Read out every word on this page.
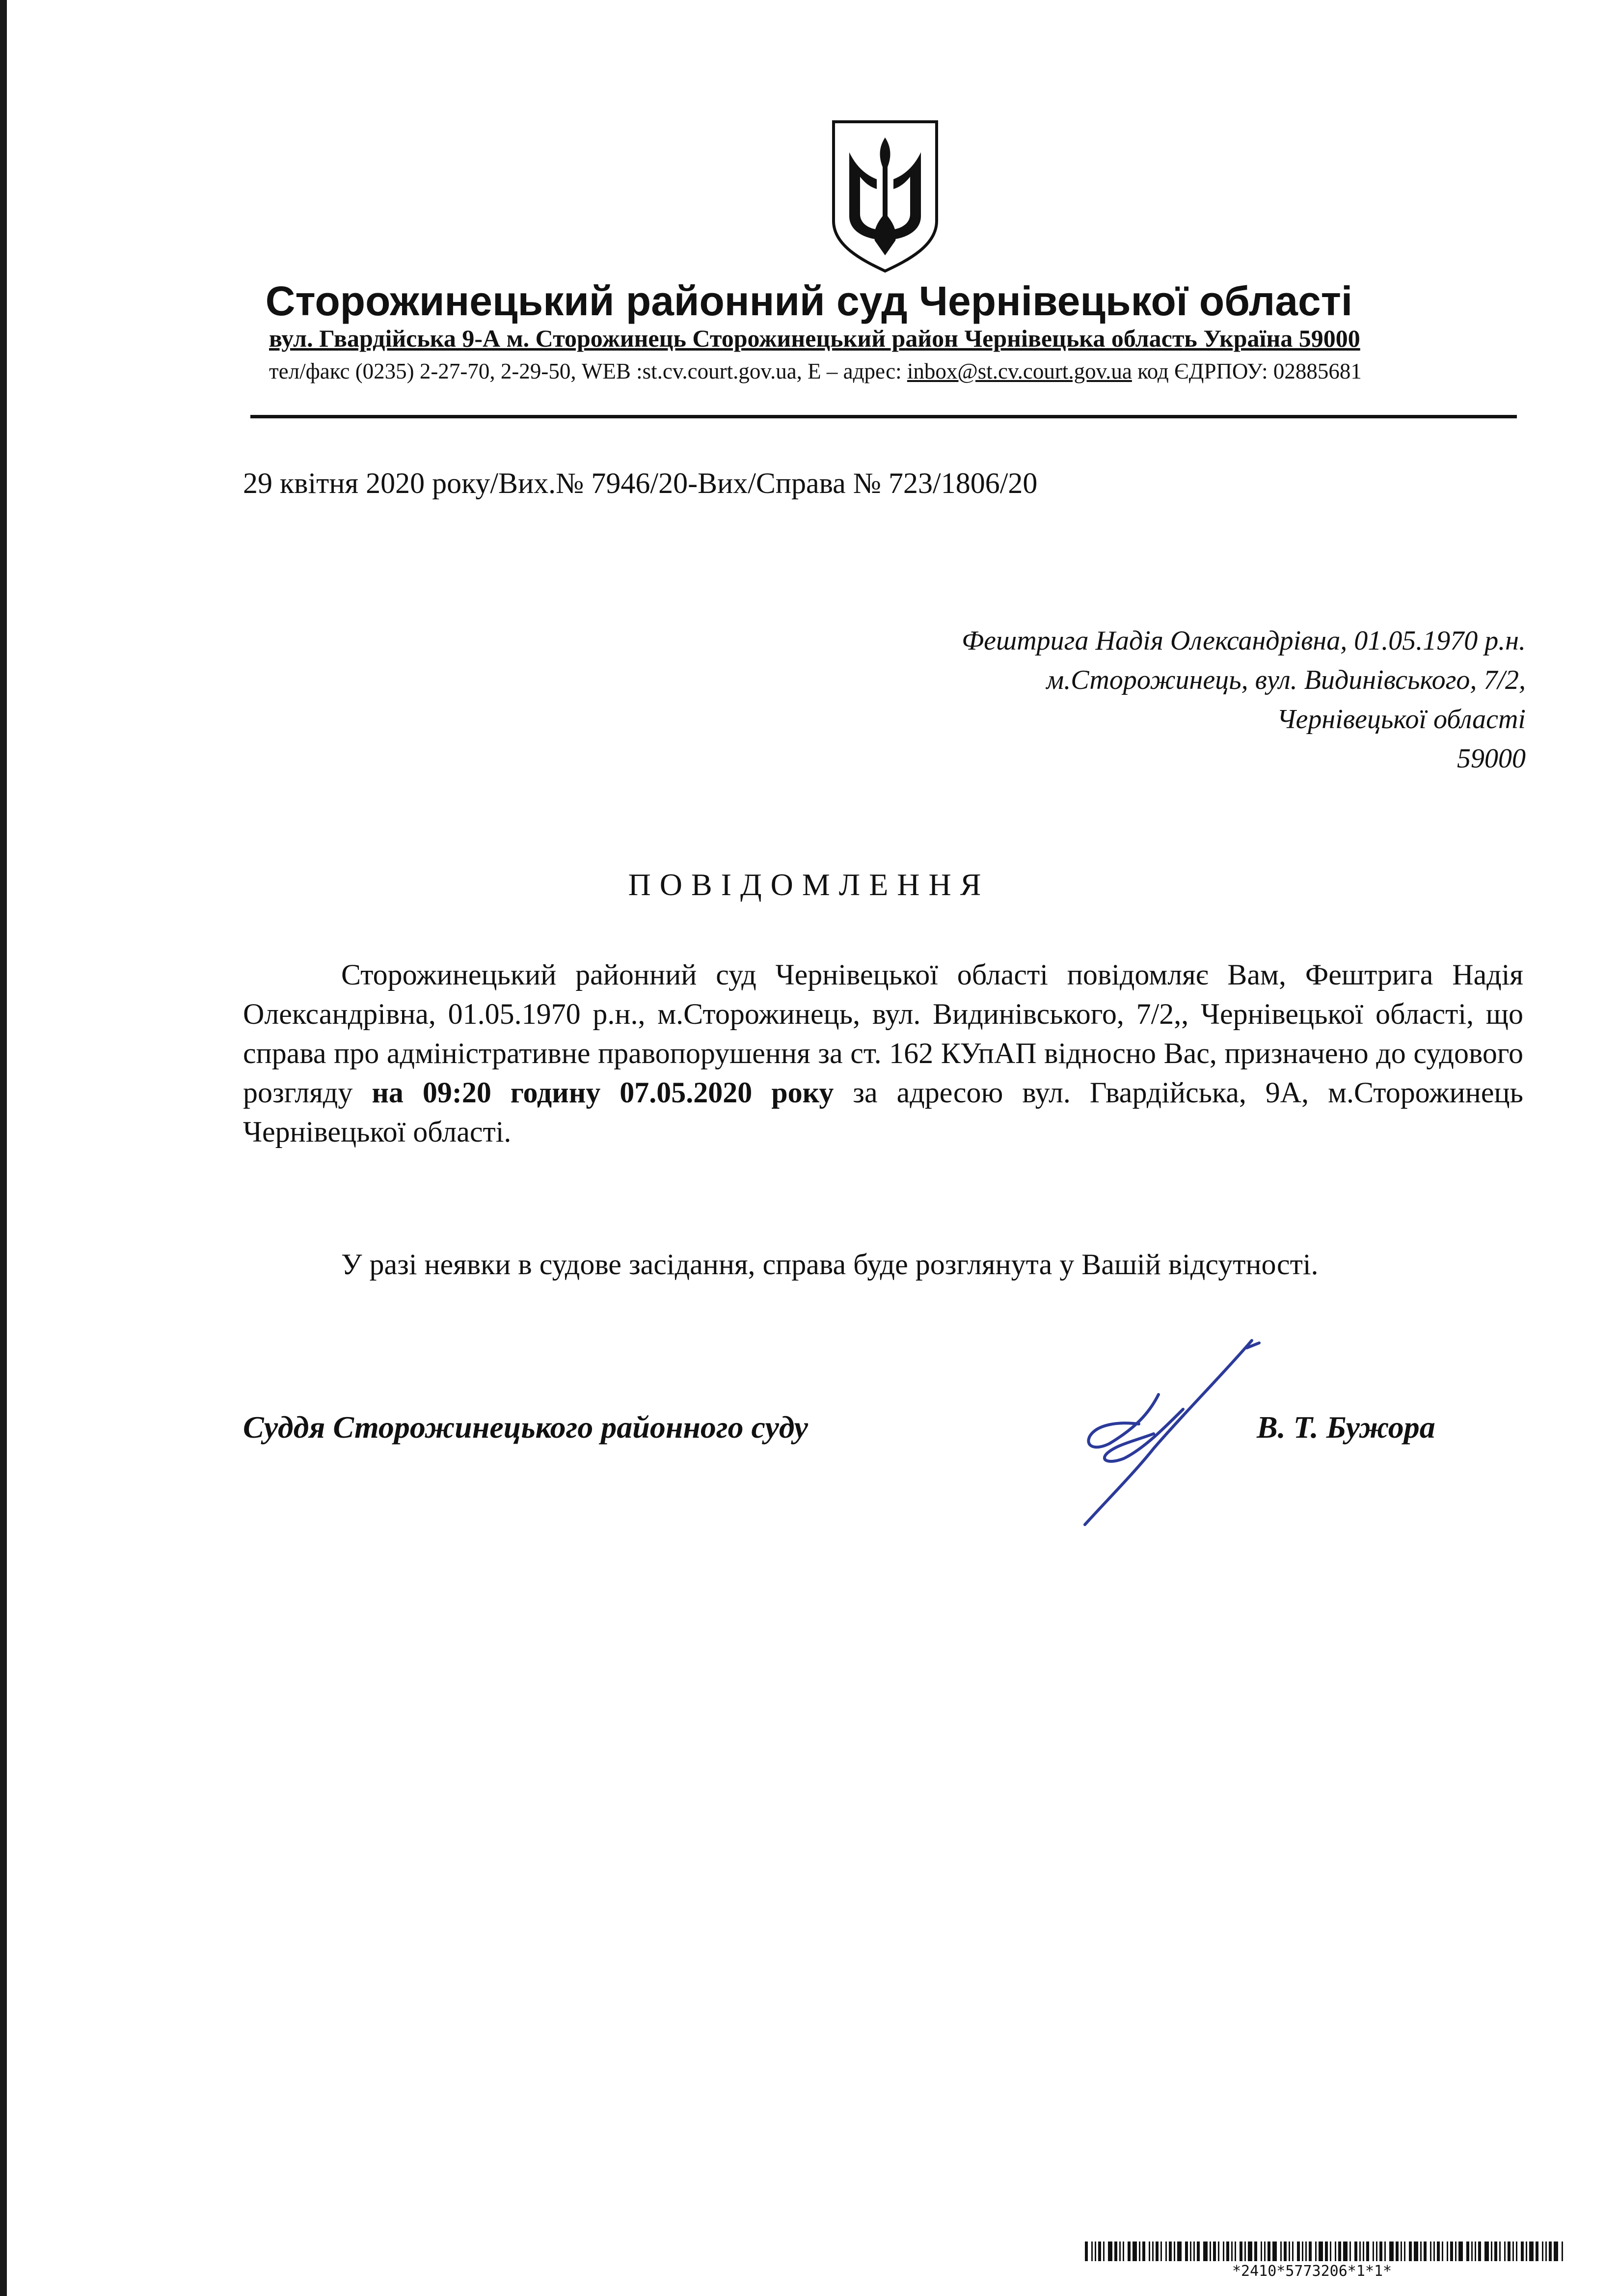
Сторожинецький районний суд Чернівецької області
вул. Гвардійська 9-А м. Сторожинець Сторожинецький район Чернівецька область Україна 59000
тел/факс (0235) 2-27-70, 2-29-50, WEB :st.cv.court.gov.ua, E – адрес: inbox@st.cv.court.gov.ua код ЄДРПОУ: 02885681
29 квітня 2020 року/Вих.№ 7946/20-Вих/Справа № 723/1806/20
Фештрига Надія Олександрівна, 01.05.1970 р.н.
м.Сторожинець, вул. Видинівського, 7/2,
Чернівецької області
59000
ПОВІДОМЛЕННЯ
Сторожинецький районний суд Чернівецької області повідомляє Вам, Фештрига Надія Олександрівна, 01.05.1970 р.н., м.Сторожинець, вул. Видинівського, 7/2,, Чернівецької області, що справа про адміністративне правопорушення за ст. 162 КУпАП відносно Вас, призначено до судового розгляду на 09:20 годину 07.05.2020 року за адресою вул. Гвардійська, 9А, м.Сторожинець Чернівецької області.
У разі неявки в судове засідання, справа буде розглянута у Вашій відсутності.
Суддя Сторожинецького районного суду	В. Т. Бужора
*2410*5773206*1*1*
